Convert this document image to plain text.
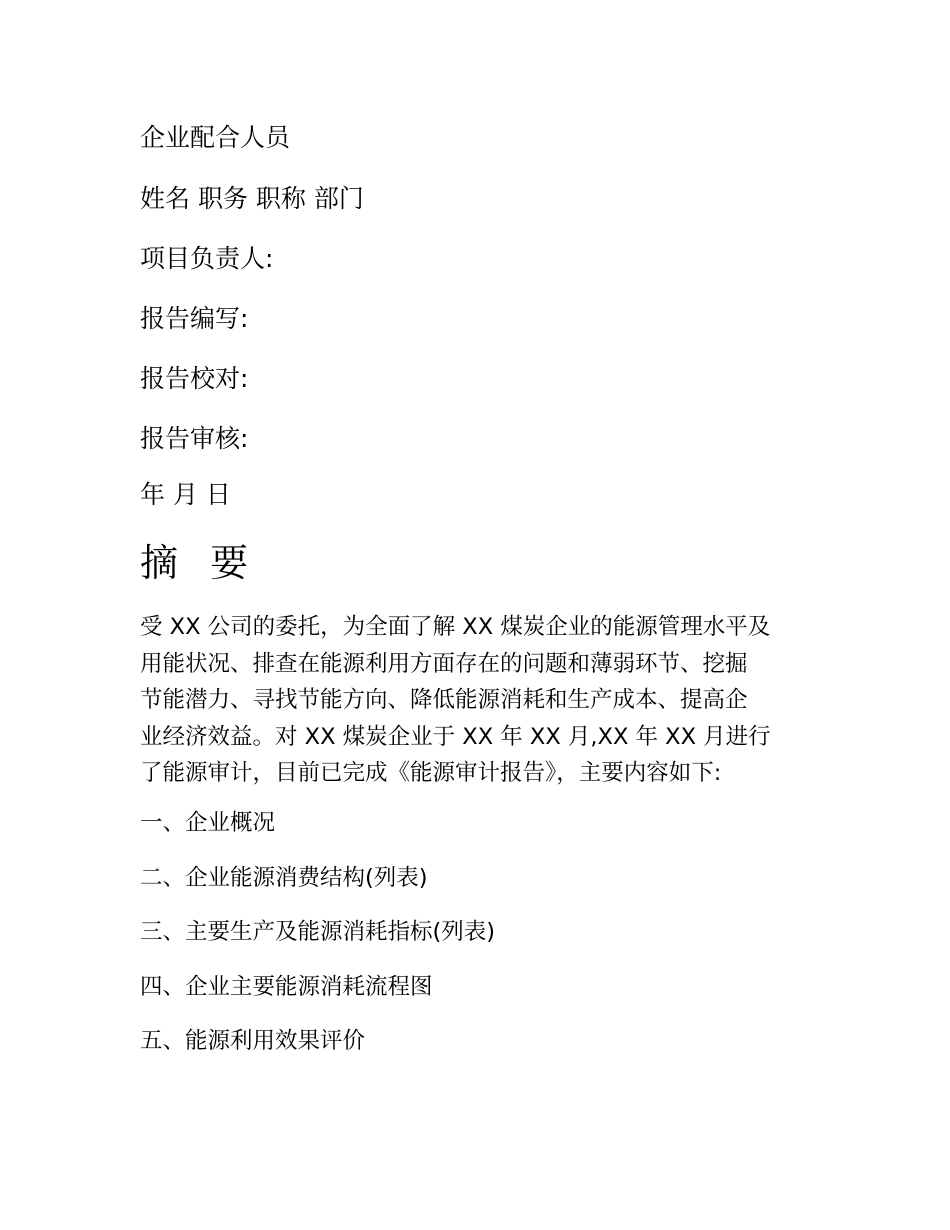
企业配合人员
姓名 职务 职称 部门
项目负责人:
报告编写:
报告校对:
报告审核:
年 月 日
摘 要
受 XX 公司的委托，为全面了解 XX 煤炭企业的能源管理水平及
用能状况、排查在能源利用方面存在的问题和薄弱环节、挖掘
节能潜力、寻找节能方向、降低能源消耗和生产成本、提高企
业经济效益。对 XX 煤炭企业于 XX 年 XX 月,XX 年 XX 月进行
了能源审计，目前已完成《能源审计报告》，主要内容如下:
一、企业概况
二、企业能源消费结构(列表)
三、主要生产及能源消耗指标(列表)
四、企业主要能源消耗流程图
五、能源利用效果评价
